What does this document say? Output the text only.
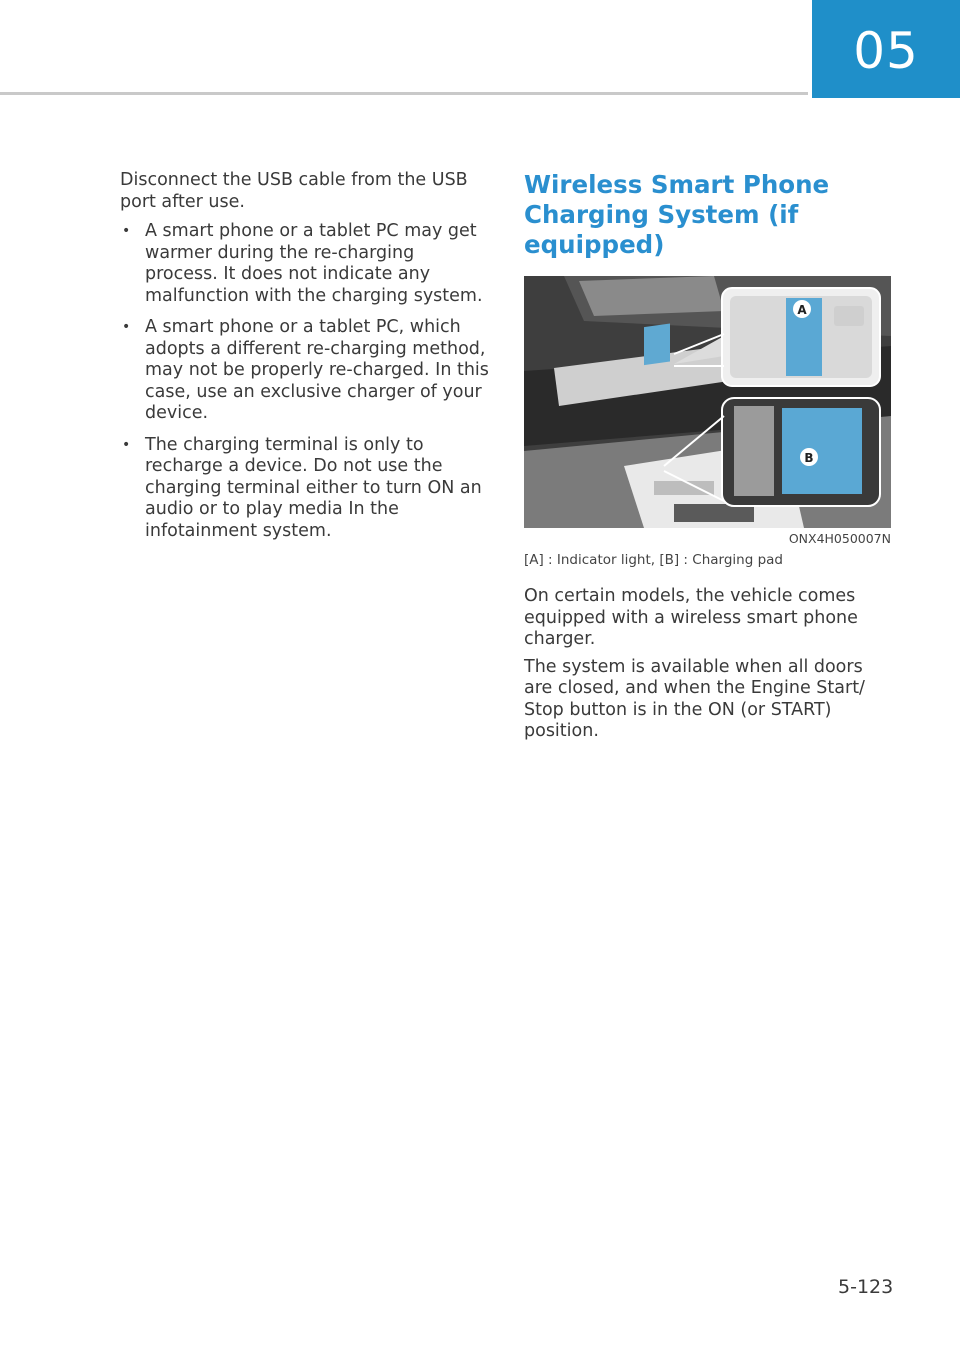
05

Disconnect the USB cable from the USB port after use.

• A smart phone or a tablet PC may get warmer during the re-charging process. It does not indicate any malfunction with the charging system.
• A smart phone or a tablet PC, which adopts a different re-charging method, may not be properly re-charged. In this case, use an exclusive charger of your device.
• The charging terminal is only to recharge a device. Do not use the charging terminal either to turn ON an audio or to play media In the infotainment system.
Wireless Smart Phone Charging System (if equipped)
A
B
ONX4H050007N
[A] : Indicator light, [B] : Charging pad

On certain models, the vehicle comes equipped with a wireless smart phone charger.

The system is available when all doors are closed, and when the Engine Start/ Stop button is in the ON (or START) position.

5-123
